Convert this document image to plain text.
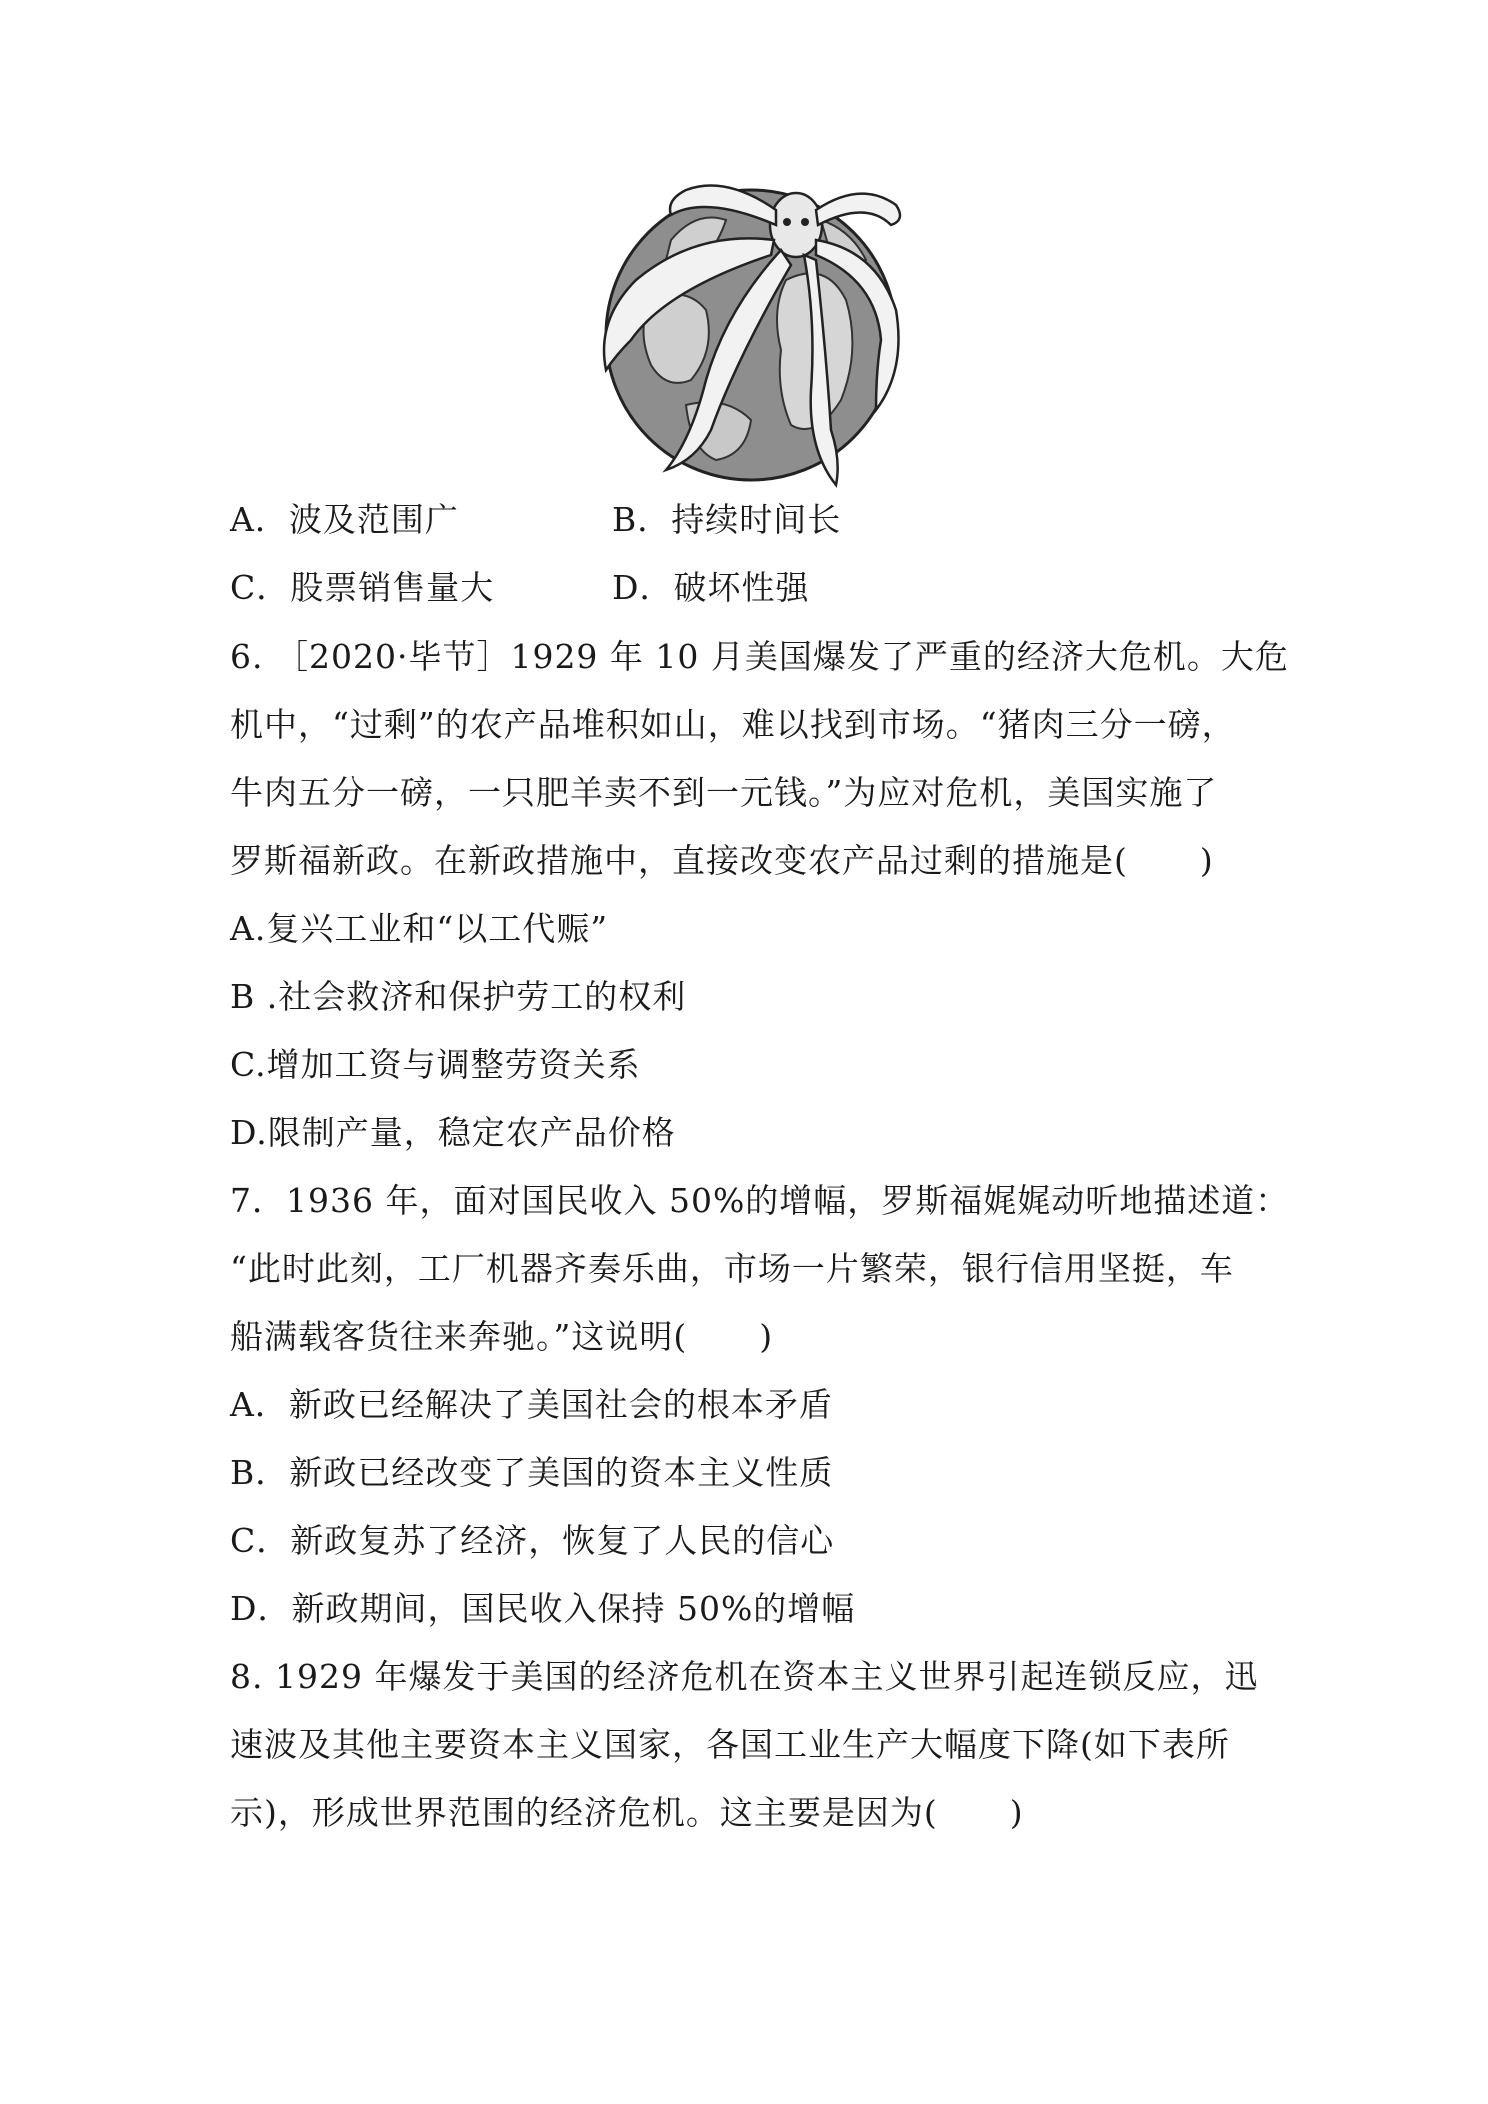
A．波及范围广	B．持续时间长
C．股票销售量大	D．破坏性强
6. ［2020·毕节］1929 年 10 月美国爆发了严重的经济大危机。大危
机中，“过剩”的农产品堆积如山，难以找到市场。“猪肉三分一磅，
牛肉五分一磅，一只肥羊卖不到一元钱。”为应对危机，美国实施了
罗斯福新政。在新政措施中，直接改变农产品过剩的措施是( )
A.复兴工业和“以工代赈”
B .社会救济和保护劳工的权利
C.增加工资与调整劳资关系
D.限制产量，稳定农产品价格
7．1936 年，面对国民收入 50%的增幅，罗斯福娓娓动听地描述道：
“此时此刻，工厂机器齐奏乐曲，市场一片繁荣，银行信用坚挺，车
船满载客货往来奔驰。”这说明( )
A．新政已经解决了美国社会的根本矛盾
B．新政已经改变了美国的资本主义性质
C．新政复苏了经济，恢复了人民的信心
D．新政期间，国民收入保持 50%的增幅
8. 1929 年爆发于美国的经济危机在资本主义世界引起连锁反应，迅
速波及其他主要资本主义国家，各国工业生产大幅度下降(如下表所
示)，形成世界范围的经济危机。这主要是因为( )
